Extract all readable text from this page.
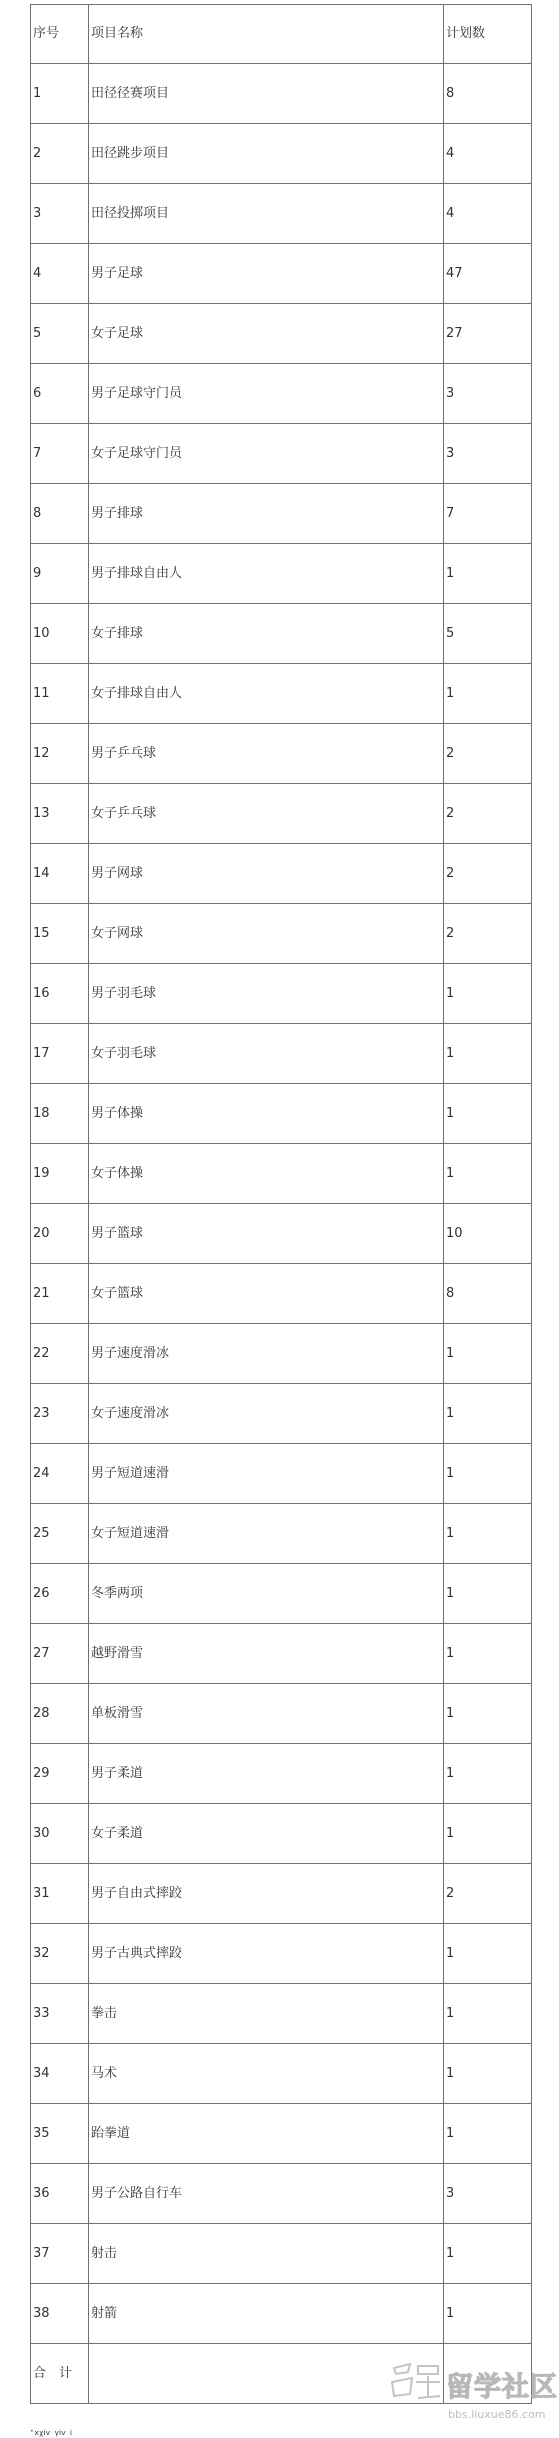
序号	项目名称	计划数
1	田径径赛项目	8
2	田径跳步项目	4
3	田径投掷项目	4
4	男子足球	47
5	女子足球	27
6	男子足球守门员	3
7	女子足球守门员	3
8	男子排球	7
9	男子排球自由人	1
10	女子排球	5
11	女子排球自由人	1
12	男子乒乓球	2
13	女子乒乓球	2
14	男子网球	2
15	女子网球	2
16	男子羽毛球	1
17	女子羽毛球	1
18	男子体操	1
19	女子体操	1
20	男子篮球	10
21	女子篮球	8
22	男子速度滑冰	1
23	女子速度滑冰	1
24	男子短道速滑	1
25	女子短道速滑	1
26	冬季两项	1
27	越野滑雪	1
28	单板滑雪	1
29	男子柔道	1
30	女子柔道	1
31	男子自由式摔跤	2
32	男子古典式摔跤	1
33	拳击	1
34	马术	1
35	跆拳道	1
36	男子公路自行车	3
37	射击	1
38	射箭	1
合　计		
·ₓᵪᵢᵥ ᵧᵢᵥ ᵢ
留学社区
bbs.liuxue86.com
